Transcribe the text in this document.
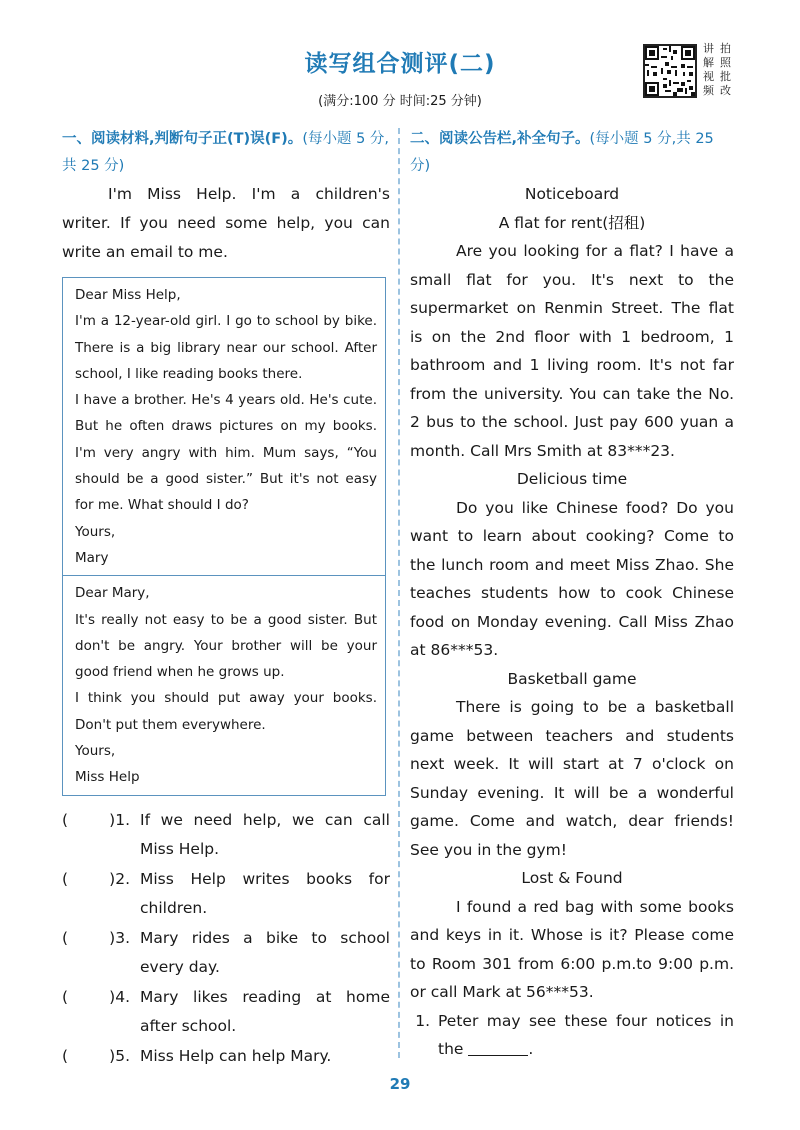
读写组合测评(二)
(满分:100 分 时间:25 分钟)
讲 拍
解 照
视 批
频 改
一、阅读材料,判断句子正(T)误(F)。(每小题 5 分,共 25 分)
I'm Miss Help. I'm a children's writer. If you need some help, you can write an email to me.

Dear Miss Help,

I'm a 12-year-old girl. I go to school by bike. There is a big library near our school. After school, I like reading books there.

I have a brother. He's 4 years old. He's cute. But he often draws pictures on my books. I'm very angry with him. Mum says, “You should be a good sister.” But it's not easy for me. What should I do?

Yours,

Mary

Dear Mary,

It's really not easy to be a good sister. But don't be angry. Your brother will be your good friend when he grows up.

I think you should put away your books. Don't put them everywhere.

Yours,

Miss Help

(	)1. If we need help, we can call Miss Help.
(	)2. Miss Help writes books for children.
(	)3. Mary rides a bike to school every day.
(	)4. Mary likes reading at home after school.
(	)5. Miss Help can help Mary.
二、阅读公告栏,补全句子。(每小题 5 分,共 25 分)
Noticeboard
A flat for rent(招租)
Are you looking for a flat? I have a small flat for you. It's next to the supermarket on Renmin Street. The flat is on the 2nd floor with 1 bedroom, 1 bathroom and 1 living room. It's not far from the university. You can take the No. 2 bus to the school. Just pay 600 yuan a month. Call Mrs Smith at 83***23.
Delicious time
Do you like Chinese food? Do you want to learn about cooking? Come to the lunch room and meet Miss Zhao. She teaches students how to cook Chinese food on Monday evening. Call Miss Zhao at 86***53.
Basketball game
There is going to be a basketball game between teachers and students next week. It will start at 7 o'clock on Sunday evening. It will be a wonderful game. Come and watch, dear friends! See you in the gym!
Lost & Found
I found a red bag with some books and keys in it. Whose is it? Please come to Room 301 from 6:00 p.m.to 9:00 p.m. or call Mark at 56***53.
1. Peter may see these four notices in the	.
29
